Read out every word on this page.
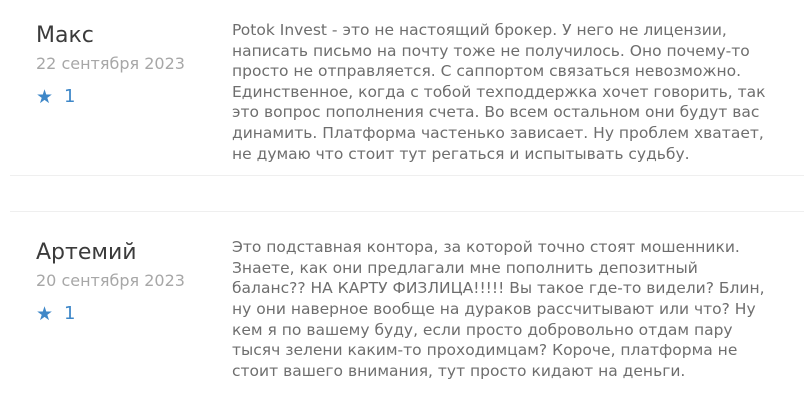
Макс
22 сентября 2023
★ 1
Potok Invest - это не настоящий брокер. У него не лицензии, написать письмо на почту тоже не получилось. Оно почему-то просто не отправляется. С саппортом связаться невозможно. Единственное, когда с тобой техподдержка хочет говорить, так это вопрос пополнения счета. Во всем остальном они будут вас динамить. Платформа частенько зависает. Ну проблем хватает, не думаю что стоит тут регаться и испытывать судьбу.
Артемий
20 сентября 2023
★ 1
Это подставная контора, за которой точно стоят мошенники. Знаете, как они предлагали мне пополнить депозитный баланс?? НА КАРТУ ФИЗЛИЦА!!!!! Вы такое где-то видели? Блин, ну они наверное вообще на дураков рассчитывают или что? Ну кем я по вашему буду, если просто добровольно отдам пару тысяч зелени каким-то проходимцам? Короче, платформа не стоит вашего внимания, тут просто кидают на деньги.
